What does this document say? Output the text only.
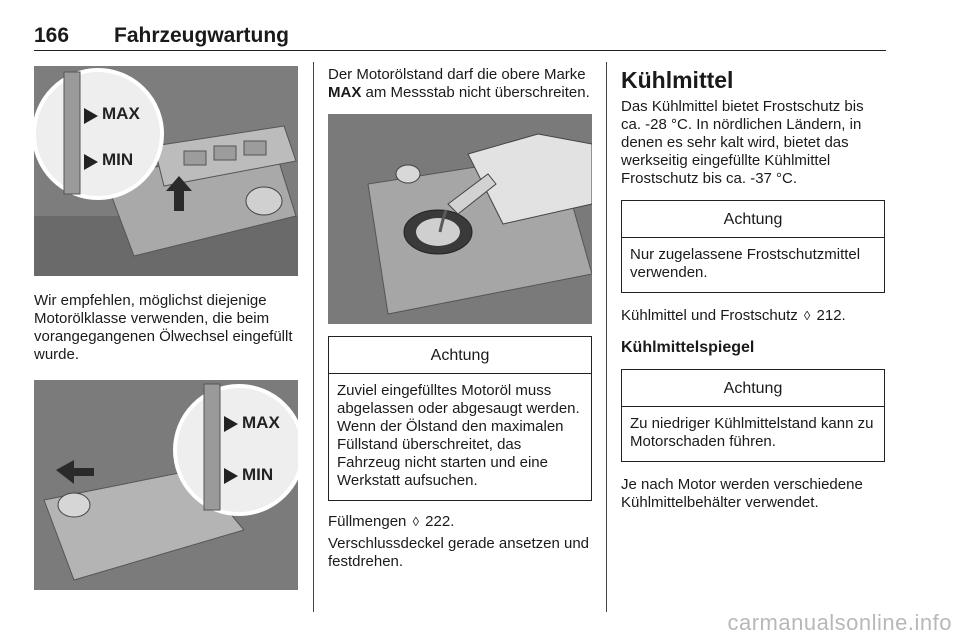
166 Fahrzeugwartung
MAX
MIN

Wir empfehlen, möglichst diejenige Motorölklasse verwenden, die beim vorangegangenen Ölwechsel eingefüllt wurde.

MAX
MIN

Der Motorölstand darf die obere Marke MAX am Messstab nicht überschreiten.

Achtung
Zuviel eingefülltes Motoröl muss abgelassen oder abgesaugt werden. Wenn der Ölstand den maximalen Füllstand überschreitet, das Fahrzeug nicht starten und eine Werkstatt aufsuchen.

Füllmengen ◊ 222.

Verschlussdeckel gerade ansetzen und festdrehen.

Kühlmittel

Das Kühlmittel bietet Frostschutz bis ca. -28 °C. In nördlichen Ländern, in denen es sehr kalt wird, bietet das werkseitig eingefüllte Kühlmittel Frostschutz bis ca. -37 °C.

Achtung
Nur zugelassene Frostschutzmittel verwenden.

Kühlmittel und Frostschutz ◊ 212.

Kühlmittelspiegel
Achtung
Zu niedriger Kühlmittelstand kann zu Motorschaden führen.

Je nach Motor werden verschiedene Kühlmittelbehälter verwendet.

carmanualsonline.info
